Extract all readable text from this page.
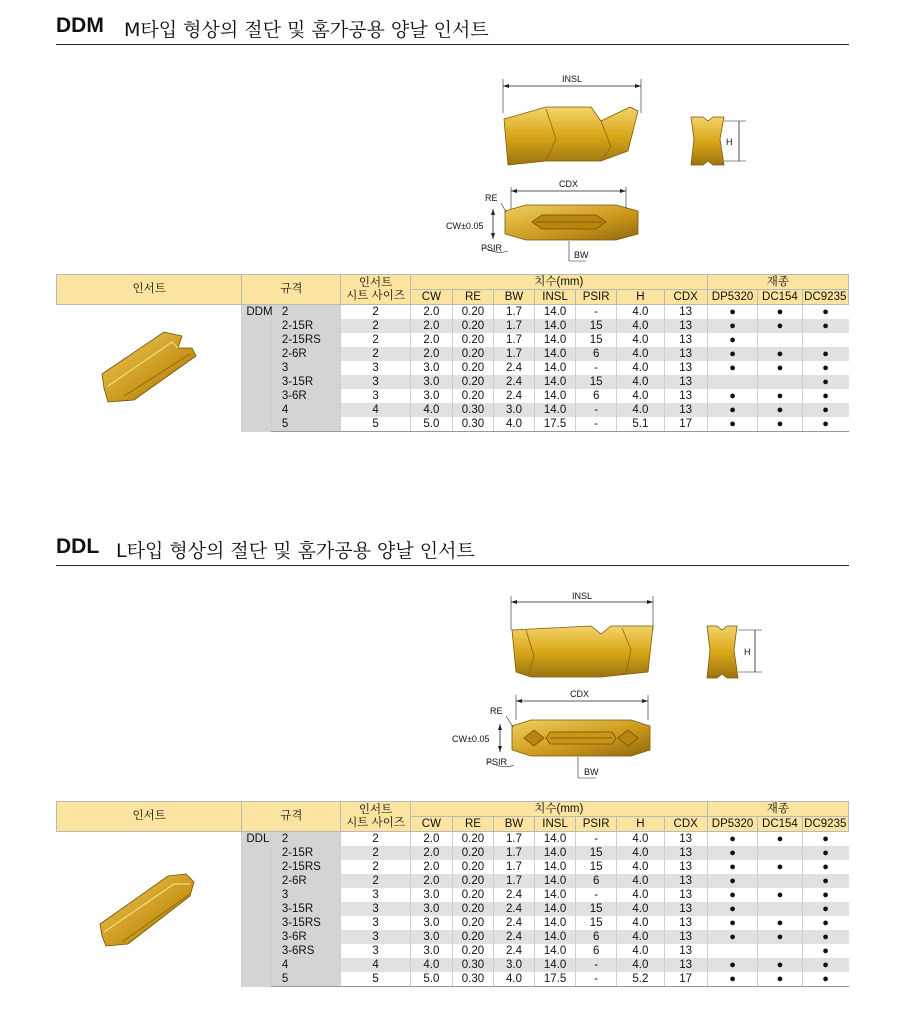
DDM M타입 형상의 절단 및 홈가공용 양날 인서트
INSL
H
CDX
RE
CW±0.05
PSIR
BW
인서트	규격		인서트
시트 사이즈	치수(mm)							재종		
				CW	RE	BW	INSL	PSIR	H	CDX	DP5320	DC154	DC9235
	DDM	2	2	2.0	0.20	1.7	14.0	-	4.0	13	●	●	●
		2-15R	2	2.0	0.20	1.7	14.0	15	4.0	13	●	●	●
		2-15RS	2	2.0	0.20	1.7	14.0	15	4.0	13	●		
		2-6R	2	2.0	0.20	1.7	14.0	6	4.0	13	●	●	●
		3	3	3.0	0.20	2.4	14.0	-	4.0	13	●	●	●
		3-15R	3	3.0	0.20	2.4	14.0	15	4.0	13			●
		3-6R	3	3.0	0.20	2.4	14.0	6	4.0	13	●	●	●
		4	4	4.0	0.30	3.0	14.0	-	4.0	13	●	●	●
		5	5	5.0	0.30	4.0	17.5	-	5.1	17	●	●	●
DDL L타입 형상의 절단 및 홈가공용 양날 인서트
INSL
H
CDX
RE
CW±0.05
PSIR
BW
인서트	규격		인서트
시트 사이즈	치수(mm)							재종		
				CW	RE	BW	INSL	PSIR	H	CDX	DP5320	DC154	DC9235
	DDL	2	2	2.0	0.20	1.7	14.0	-	4.0	13	●	●	●
		2-15R	2	2.0	0.20	1.7	14.0	15	4.0	13	●		●
		2-15RS	2	2.0	0.20	1.7	14.0	15	4.0	13	●	●	●
		2-6R	2	2.0	0.20	1.7	14.0	6	4.0	13	●		●
		3	3	3.0	0.20	2.4	14.0	-	4.0	13	●	●	●
		3-15R	3	3.0	0.20	2.4	14.0	15	4.0	13	●		●
		3-15RS	3	3.0	0.20	2.4	14.0	15	4.0	13	●	●	●
		3-6R	3	3.0	0.20	2.4	14.0	6	4.0	13	●	●	●
		3-6RS	3	3.0	0.20	2.4	14.0	6	4.0	13			●
		4	4	4.0	0.30	3.0	14.0	-	4.0	13	●	●	●
		5	5	5.0	0.30	4.0	17.5	-	5.2	17	●	●	●
